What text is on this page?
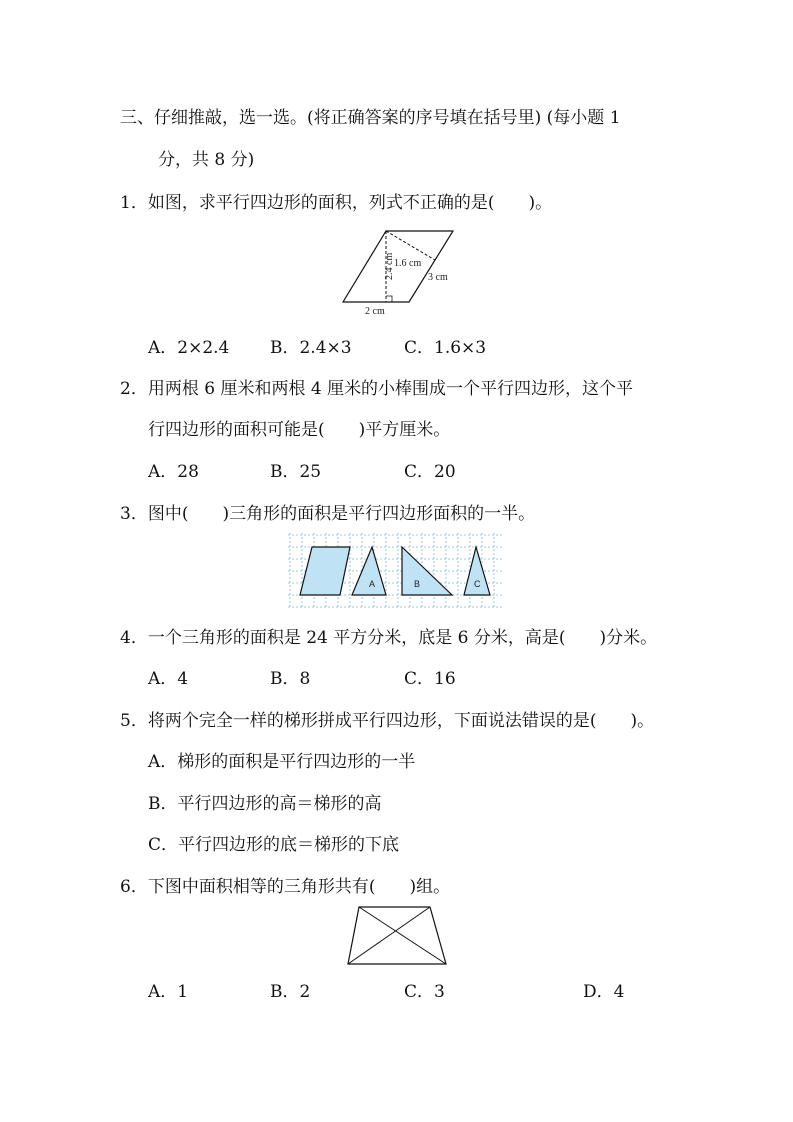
三、仔细推敲，选一选。(将正确答案的序号填在括号里) (每小题 1
分，共 8 分)
1．如图，求平行四边形的面积，列式不正确的是(　　)。
2.4 cm 1.6 cm
3 cm
2 cm
A．2×2.4 B．2.4×3	C．1.6×3
2．用两根 6 厘米和两根 4 厘米的小棒围成一个平行四边形，这个平
行四边形的面积可能是(　　)平方厘米。
A．28	B．25	C．20
3．图中(　　)三角形的面积是平行四边形面积的一半。
A	B	C
4．一个三角形的面积是 24 平方分米，底是 6 分米，高是(　　)分米。
A．4	B．8	C．16
5．将两个完全一样的梯形拼成平行四边形，下面说法错误的是(　　)。
A．梯形的面积是平行四边形的一半
B．平行四边形的高＝梯形的高
C．平行四边形的底＝梯形的下底
6．下图中面积相等的三角形共有(　　)组。
A．1	B．2	C．3	D．4
